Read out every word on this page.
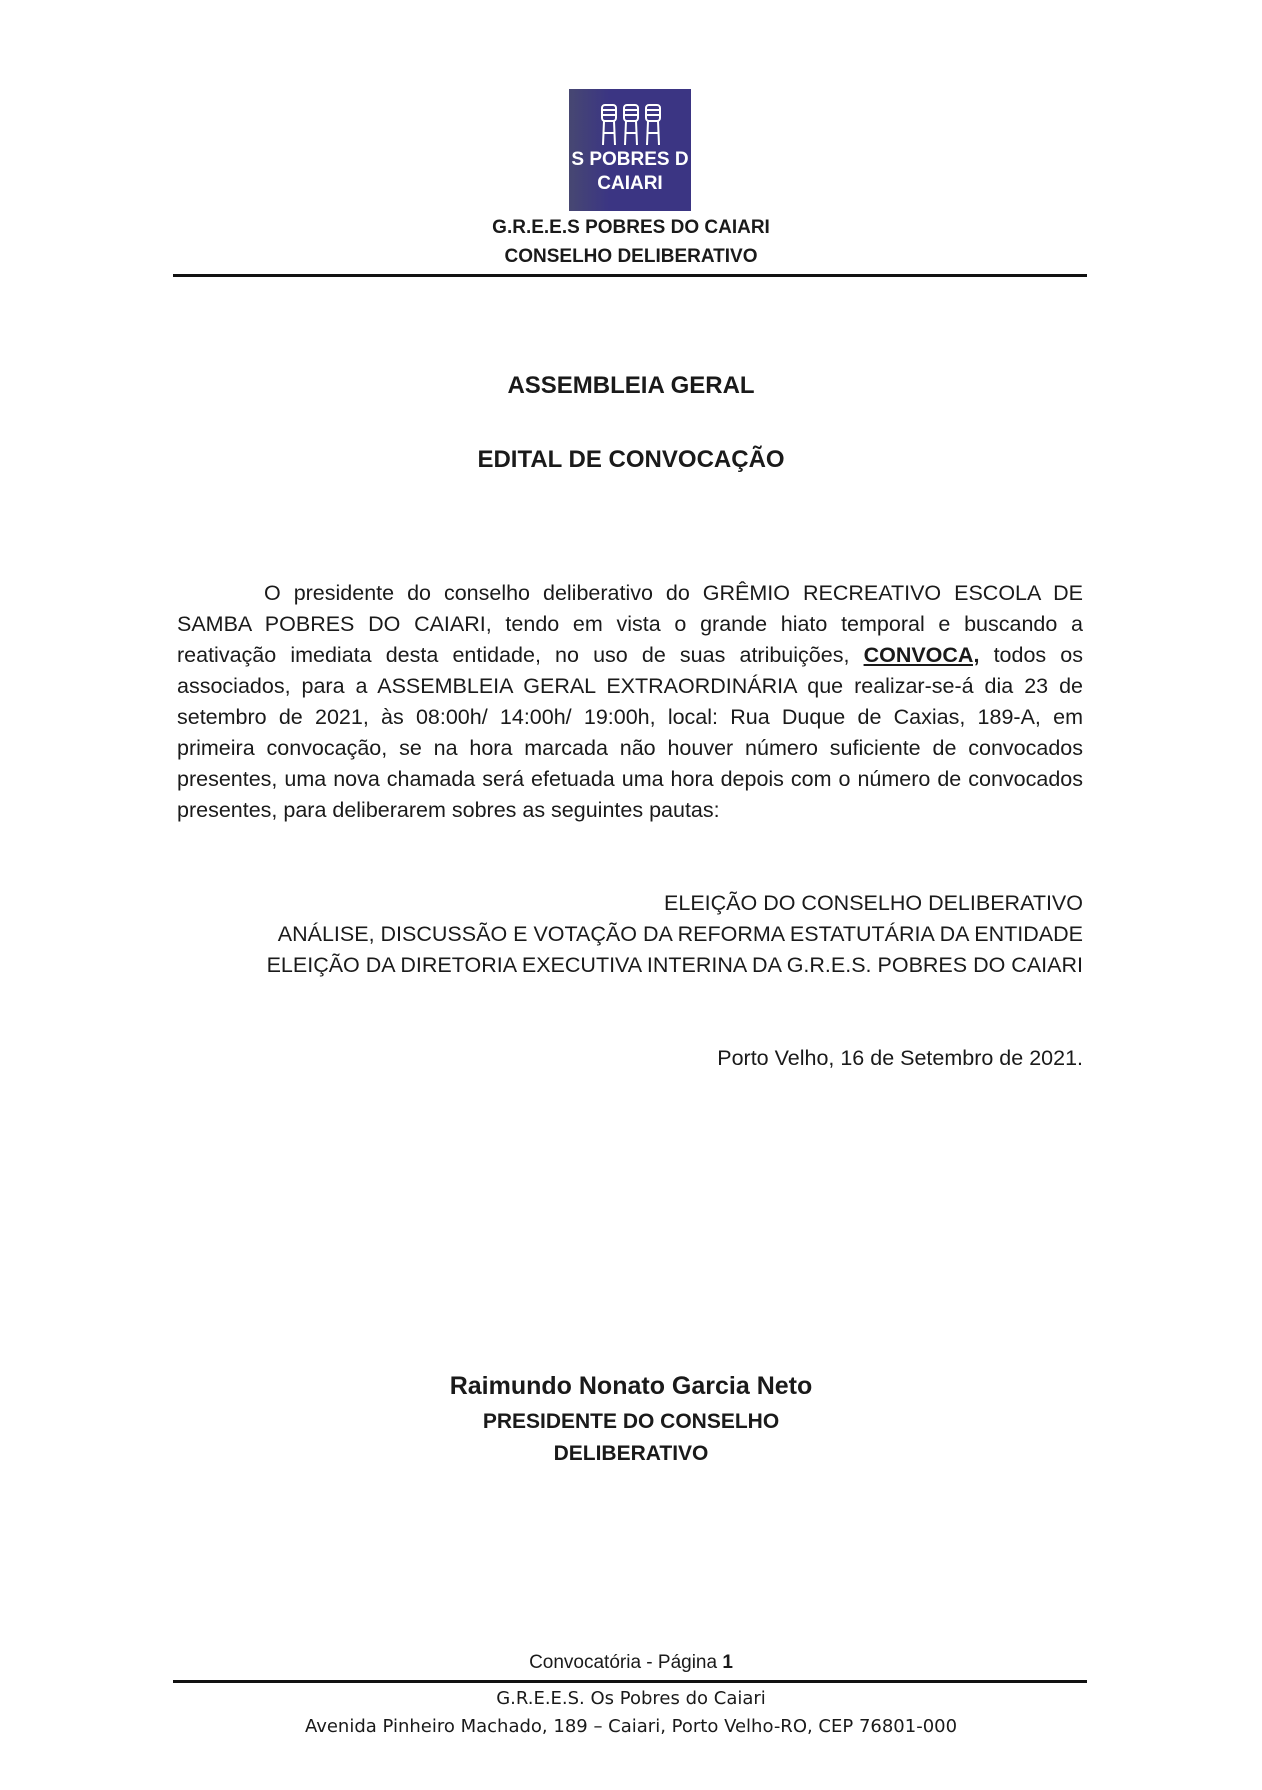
S POBRES D
CAIARI
G.R.E.E.S POBRES DO CAIARI
CONSELHO DELIBERATIVO
ASSEMBLEIA GERAL
EDITAL DE CONVOCAÇÃO

O presidente do conselho deliberativo do GRÊMIO RECREATIVO ESCOLA DE SAMBA POBRES DO CAIARI, tendo em vista o grande hiato temporal e buscando a reativação imediata desta entidade, no uso de suas atribuições, CONVOCA, todos os associados, para a ASSEMBLEIA GERAL EXTRAORDINÁRIA que realizar-se-á dia 23 de setembro de 2021, às 08:00h/ 14:00h/ 19:00h, local: Rua Duque de Caxias, 189-A, em primeira convocação, se na hora marcada não houver número suficiente de convocados presentes, uma nova chamada será efetuada uma hora depois com o número de convocados presentes, para deliberarem sobres as seguintes pautas:

ELEIÇÃO DO CONSELHO DELIBERATIVO
ANÁLISE, DISCUSSÃO E VOTAÇÃO DA REFORMA ESTATUTÁRIA DA ENTIDADE
ELEIÇÃO DA DIRETORIA EXECUTIVA INTERINA DA G.R.E.S. POBRES DO CAIARI
Porto Velho, 16 de Setembro de 2021.
Raimundo Nonato Garcia Neto
PRESIDENTE DO CONSELHO
DELIBERATIVO
Convocatória - Página 1
G.R.E.E.S. Os Pobres do Caiari
Avenida Pinheiro Machado, 189 – Caiari, Porto Velho-RO, CEP 76801-000
